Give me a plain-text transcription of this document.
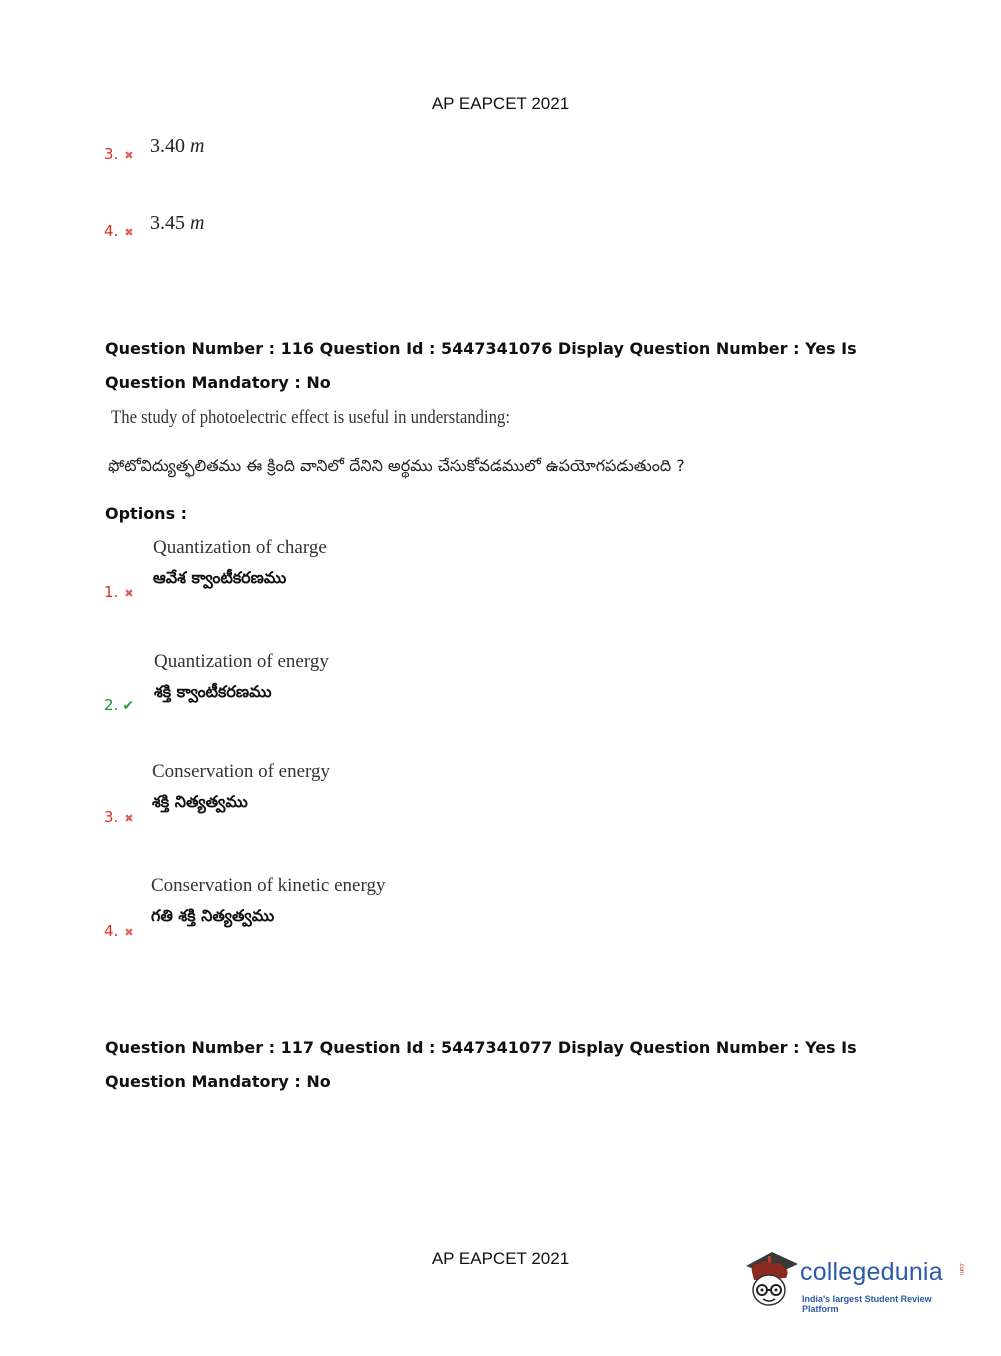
AP EAPCET 2021
3. ✖ 3.40 m
4. ✖ 3.45 m
Question Number : 116 Question Id : 5447341076 Display Question Number : Yes Is Question Mandatory : No
The study of photoelectric effect is useful in understanding:
ఫోటోవిద్యుత్ఫలితము ఈ క్రింది వానిలో దేనిని అర్థము చేసుకోవడములో ఉపయోగపడుతుంది ?
Options :
Quantization of charge
ఆవేశ క్వాంటీకరణము
1. ✖
Quantization of energy
శక్తి క్వాంటీకరణము
2. ✔
Conservation of energy
శక్తి నిత్యత్వము
3. ✖
Conservation of kinetic energy
గతి శక్తి నిత్యత్వము
4. ✖
Question Number : 117 Question Id : 5447341077 Display Question Number : Yes Is Question Mandatory : No
AP EAPCET 2021	collegedunia	.com
India's largest Student Review Platform
